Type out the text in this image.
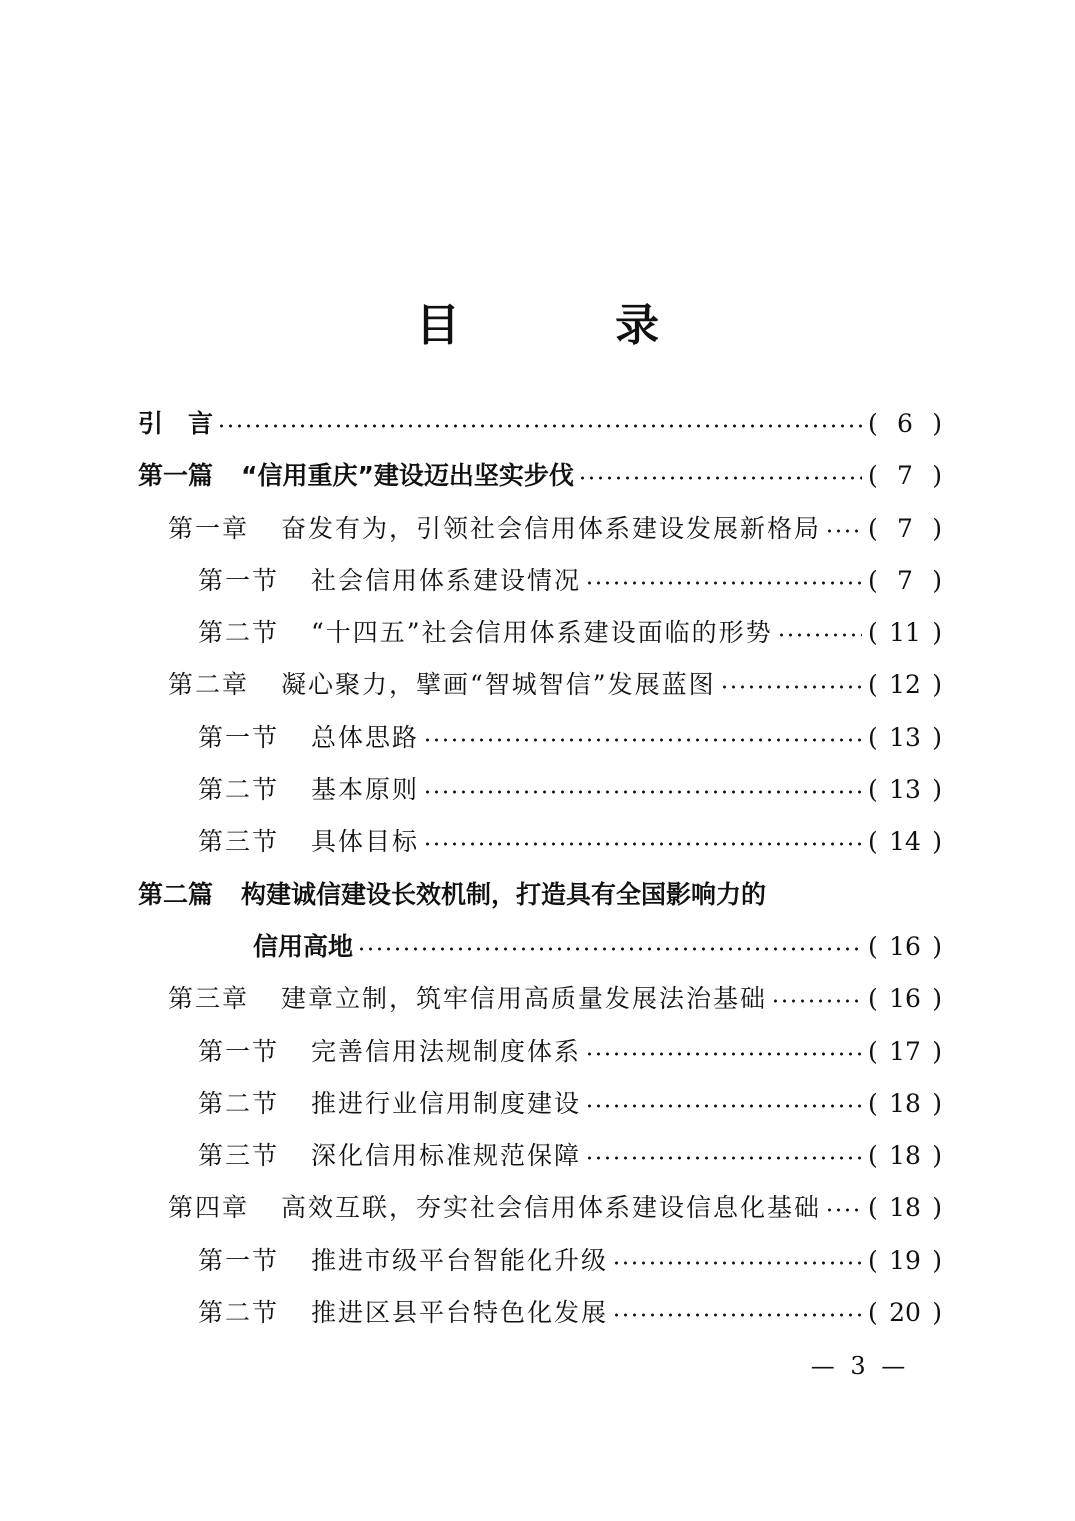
目 录
引　言	( 6 )
第一篇 “信用重庆”建设迈出坚实步伐	( 7 )
第一章 奋发有为，引领社会信用体系建设发展新格局 ( 7 )
第一节 社会信用体系建设情况	( 7 )
第二节 “十四五”社会信用体系建设面临的形势	( 11 )
第二章 凝心聚力，擘画“智城智信”发展蓝图	( 12 )
第一节 总体思路	( 13 )
第二节 基本原则	( 13 )
第三节 具体目标	( 14 )
第二篇 构建诚信建设长效机制，打造具有全国影响力的
信用高地	( 16 )
第三章 建章立制，筑牢信用高质量发展法治基础	( 16 )
第一节 完善信用法规制度体系	( 17 )
第二节 推进行业信用制度建设	( 18 )
第三节 深化信用标准规范保障	( 18 )
第四章 高效互联，夯实社会信用体系建设信息化基础 ( 18 )
第一节 推进市级平台智能化升级	( 19 )
第二节 推进区县平台特色化发展	( 20 )
— 3 —
